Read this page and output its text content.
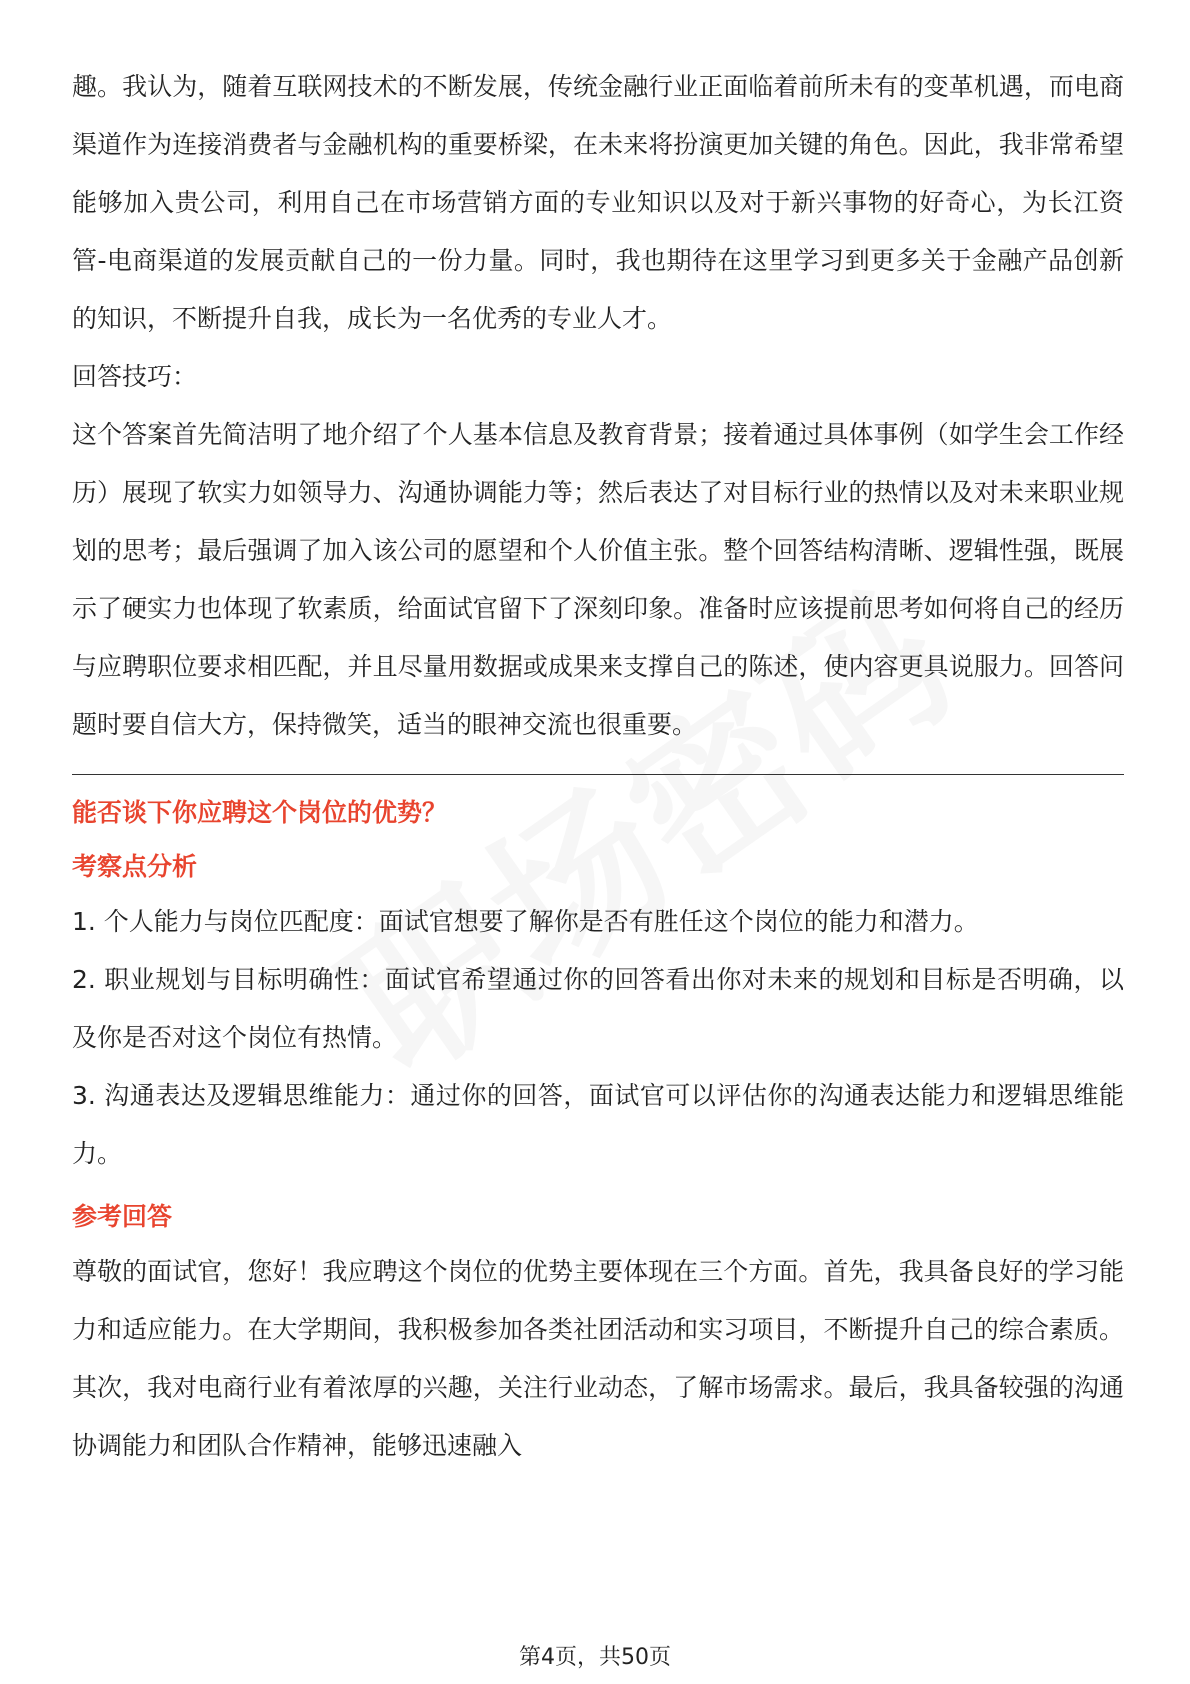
趣。我认为，随着互联网技术的不断发展，传统金融行业正面临着前所未有的变革机遇，而电商渠道作为连接消费者与金融机构的重要桥梁，在未来将扮演更加关键的角色。因此，我非常希望能够加入贵公司，利用自己在市场营销方面的专业知识以及对于新兴事物的好奇心，为长江资管-电商渠道的发展贡献自己的一份力量。同时，我也期待在这里学习到更多关于金融产品创新的知识，不断提升自我，成长为一名优秀的专业人才。

回答技巧：

这个答案首先简洁明了地介绍了个人基本信息及教育背景；接着通过具体事例（如学生会工作经历）展现了软实力如领导力、沟通协调能力等；然后表达了对目标行业的热情以及对未来职业规划的思考；最后强调了加入该公司的愿望和个人价值主张。整个回答结构清晰、逻辑性强，既展示了硬实力也体现了软素质，给面试官留下了深刻印象。准备时应该提前思考如何将自己的经历与应聘职位要求相匹配，并且尽量用数据或成果来支撑自己的陈述，使内容更具说服力。回答问题时要自信大方，保持微笑，适当的眼神交流也很重要。

能否谈下你应聘这个岗位的优势？

考察点分析

1. 个人能力与岗位匹配度：面试官想要了解你是否有胜任这个岗位的能力和潜力。

2. 职业规划与目标明确性：面试官希望通过你的回答看出你对未来的规划和目标是否明确，以及你是否对这个岗位有热情。

3. 沟通表达及逻辑思维能力：通过你的回答，面试官可以评估你的沟通表达能力和逻辑思维能力。

参考回答

尊敬的面试官，您好！我应聘这个岗位的优势主要体现在三个方面。首先，我具备良好的学习能力和适应能力。在大学期间，我积极参加各类社团活动和实习项目，不断提升自己的综合素质。其次，我对电商行业有着浓厚的兴趣，关注行业动态，了解市场需求。最后，我具备较强的沟通协调能力和团队合作精神，能够迅速融入

第4页，共50页
